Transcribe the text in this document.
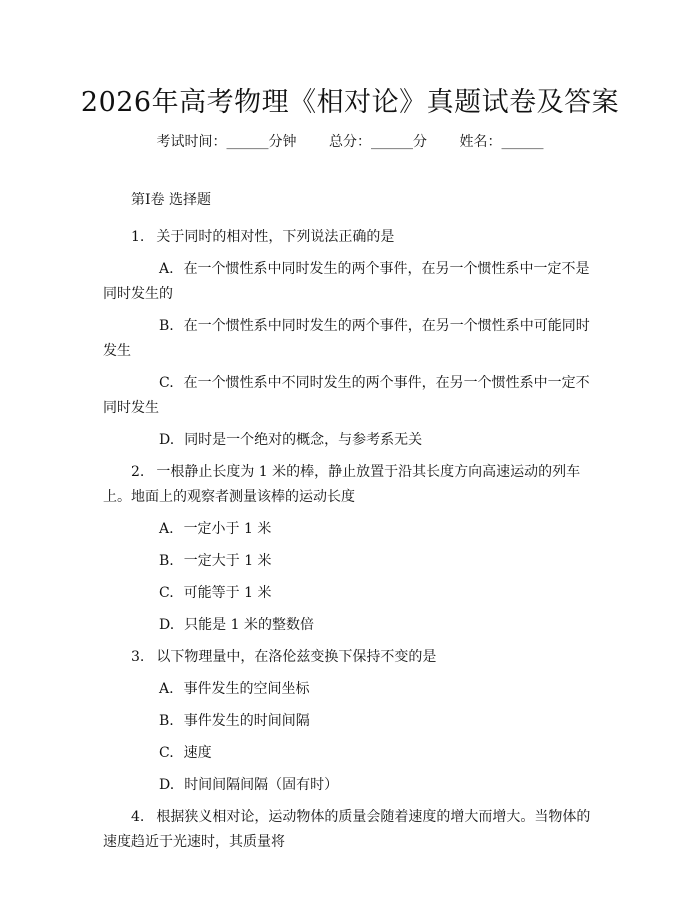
2026年高考物理《相对论》真题试卷及答案
考试时间：______分钟 总分：______分 姓名：______
第Ⅰ卷 选择题
1. 关于同时的相对性，下列说法正确的是
A. 在一个惯性系中同时发生的两个事件，在另一个惯性系中一定不是同时发生的
B. 在一个惯性系中同时发生的两个事件，在另一个惯性系中可能同时发生
C. 在一个惯性系中不同时发生的两个事件，在另一个惯性系中一定不同时发生
D. 同时是一个绝对的概念，与参考系无关
2. 一根静止长度为 1 米的棒，静止放置于沿其长度方向高速运动的列车上。地面上的观察者测量该棒的运动长度
A. 一定小于 1 米
B. 一定大于 1 米
C. 可能等于 1 米
D. 只能是 1 米的整数倍
3. 以下物理量中，在洛伦兹变换下保持不变的是
A. 事件发生的空间坐标
B. 事件发生的时间间隔
C. 速度
D. 时间间隔间隔（固有时）
4. 根据狭义相对论，运动物体的质量会随着速度的增大而增大。当物体的速度趋近于光速时，其质量将
